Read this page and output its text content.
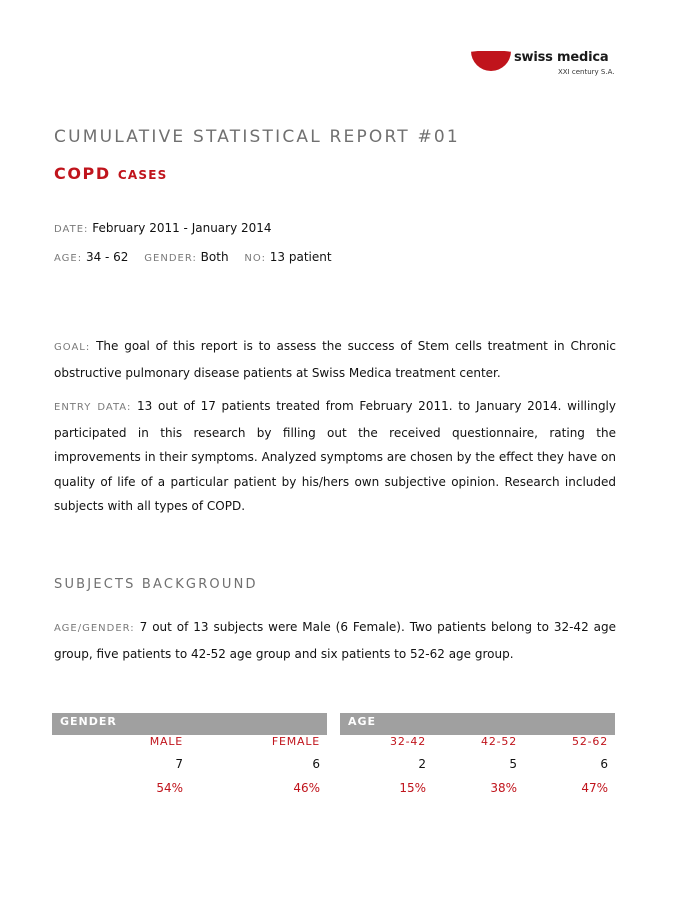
swiss medica
XXI century S.A.
CUMULATIVE STATISTICAL REPORT #01
COPD CASES
DATE: February 2011 - January 2014
AGE: 34 - 62 GENDER: Both NO: 13 patient
GOAL: The goal of this report is to assess the success of Stem cells treatment in Chronic obstructive pulmonary disease patients at Swiss Medica treatment center.
ENTRY DATA: 13 out of 17 patients treated from February 2011. to January 2014. willingly participated in this research by filling out the received questionnaire, rating the improvements in their symptoms. Analyzed symptoms are chosen by the effect they have on quality of life of a particular patient by his/hers own subjective opinion. Research included subjects with all types of COPD.
SUBJECTS BACKGROUND
AGE/GENDER: 7 out of 13 subjects were Male (6 Female). Two patients belong to 32-42 age group, five patients to 42-52 age group and six patients to 52-62 age group.
GENDER	AGE
MALE
7
54%
FEMALE
6
46%
32-42
2
15%
42-52
5
38%
52-62
6
47%
